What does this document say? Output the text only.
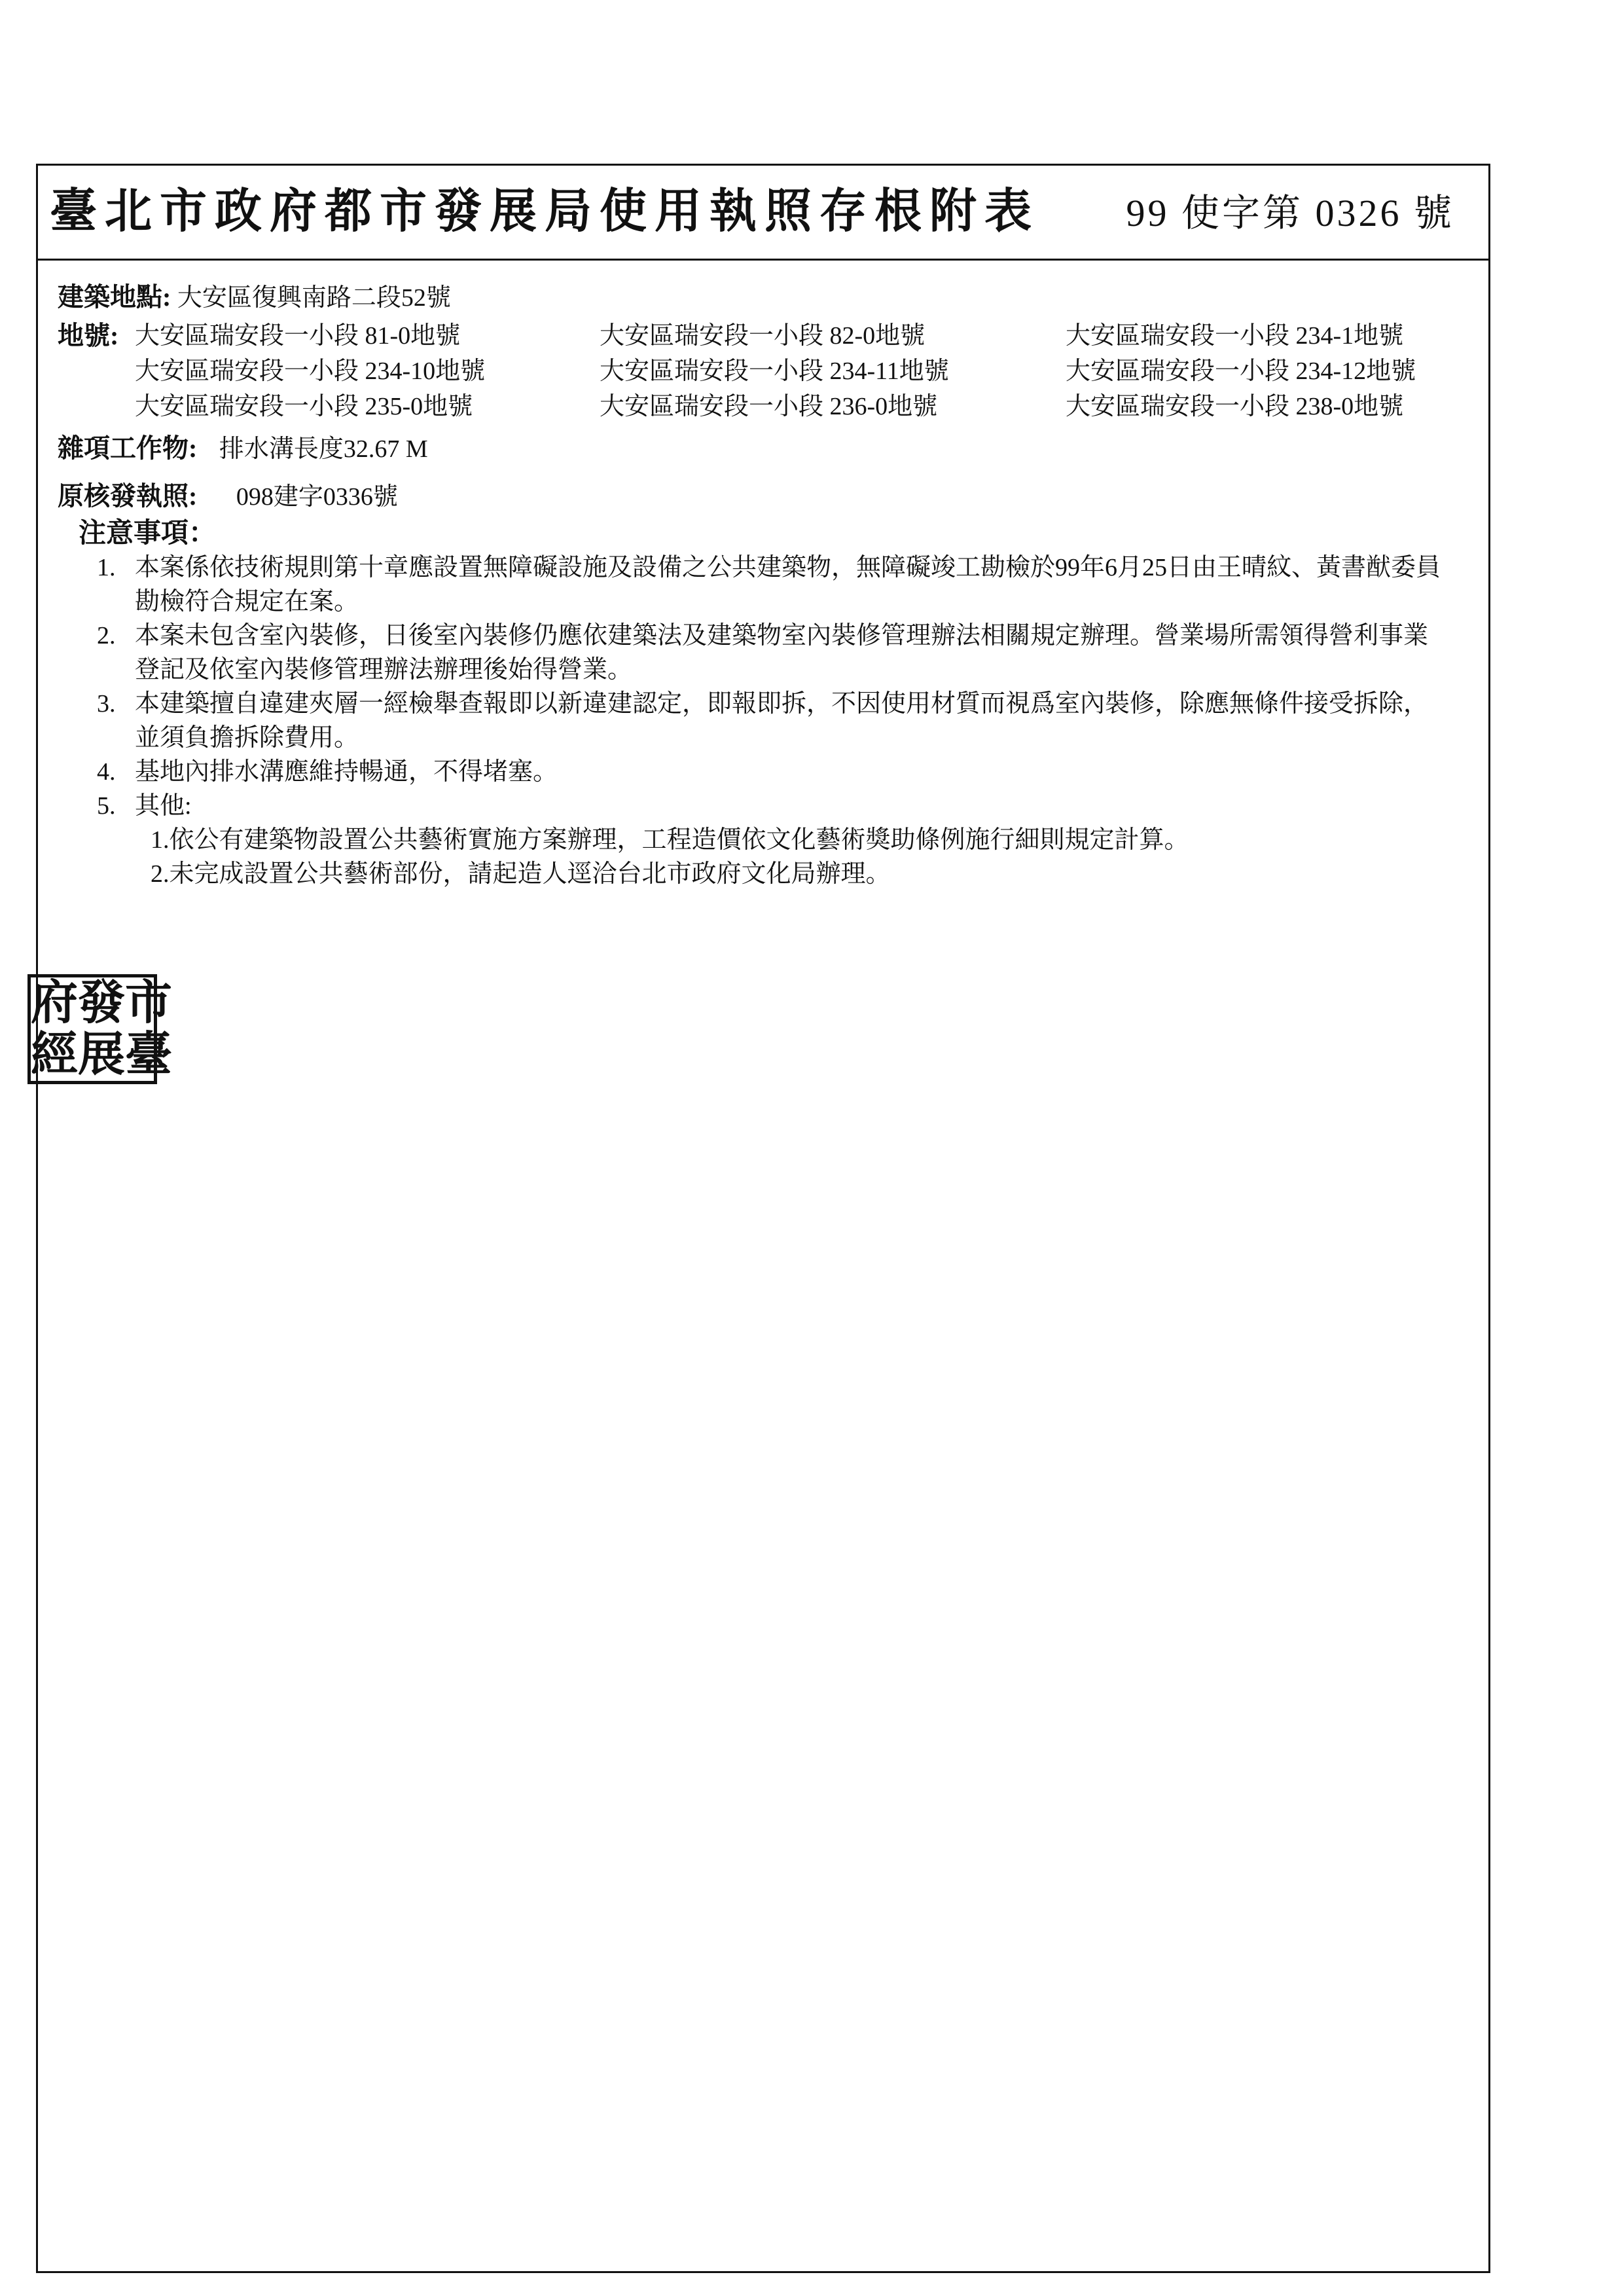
臺北市政府都市發展局使用執照存根附表 99 使字第 0326 號
建築地點: 大安區復興南路二段52號
地號: 大安區瑞安段一小段 81-0地號	大安區瑞安段一小段 82-0地號	大安區瑞安段一小段 234-1地號
大安區瑞安段一小段 234-10地號	大安區瑞安段一小段 234-11地號	大安區瑞安段一小段 234-12地號
大安區瑞安段一小段 235-0地號	大安區瑞安段一小段 236-0地號	大安區瑞安段一小段 238-0地號
雜項工作物: 排水溝長度32.67 M
原核發執照: 098建字0336號
注意事項：
1. 本案係依技術規則第十章應設置無障礙設施及設備之公共建築物，無障礙竣工勘檢於99年6月25日由王晴紋、黃書猷委員勘檢符合規定在案。
2. 本案未包含室內裝修，日後室內裝修仍應依建築法及建築物室內裝修管理辦法相關規定辦理。營業場所需領得營利事業登記及依室內裝修管理辦法辦理後始得營業。
3. 本建築擅自違建夾層一經檢舉查報即以新違建認定，即報即拆，不因使用材質而視爲室內裝修，除應無條件接受拆除，並須負擔拆除費用。
4. 基地內排水溝應維持暢通，不得堵塞。
5. 其他:
1.依公有建築物設置公共藝術實施方案辦理，工程造價依文化藝術獎助條例施行細則規定計算。
2.未完成設置公共藝術部份，請起造人逕洽台北市政府文化局辦理。
府 發 市
經 展 臺
